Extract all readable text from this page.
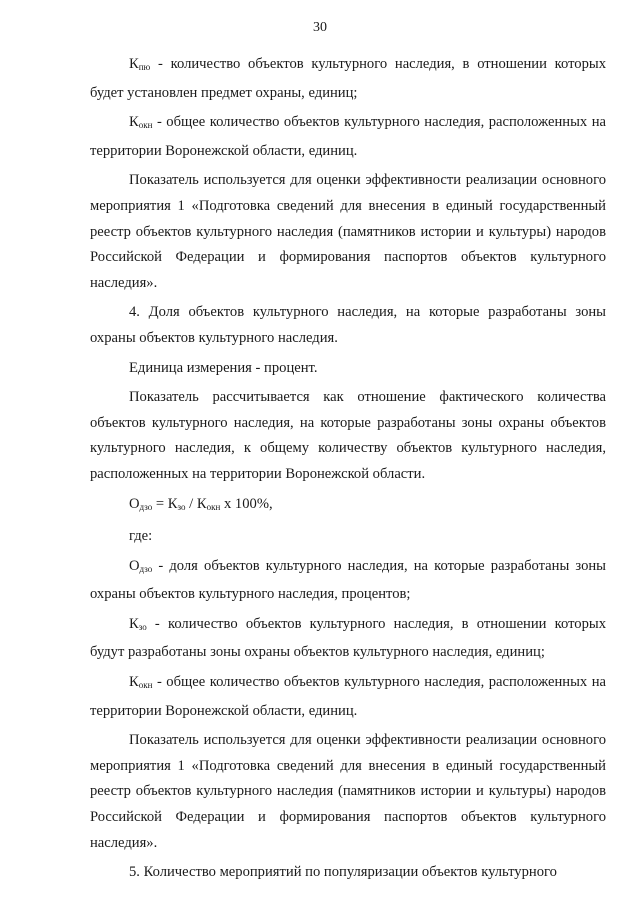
30

$К_{пю}$ - количество объектов культурного наследия, в отношении которых будет установлен предмет охраны, единиц;

$К_{окн}$ - общее количество объектов культурного наследия, расположенных на территории Воронежской области, единиц.

Показатель используется для оценки эффективности реализации основного мероприятия 1 «Подготовка сведений для внесения в единый государственный реестр объектов культурного наследия (памятников истории и культуры) народов Российской Федерации и формирования паспортов объектов культурного наследия».

4. Доля объектов культурного наследия, на которые разработаны зоны охраны объектов культурного наследия.

Единица измерения - процент.

Показатель рассчитывается как отношение фактического количества объектов культурного наследия, на которые разработаны зоны охраны объектов культурного наследия, к общему количеству объектов культурного наследия, расположенных на территории Воронежской области.

$О_{дзо} = К_{зо} / К_{окн}$ х 100%,

где:

$О_{дзо}$ - доля объектов культурного наследия, на которые разработаны зоны охраны объектов культурного наследия, процентов;

$К_{зо}$ - количество объектов культурного наследия, в отношении которых будут разработаны зоны охраны объектов культурного наследия, единиц;

$К_{окн}$ - общее количество объектов культурного наследия, расположенных на территории Воронежской области, единиц.

Показатель используется для оценки эффективности реализации основного мероприятия 1 «Подготовка сведений для внесения в единый государственный реестр объектов культурного наследия (памятников истории и культуры) народов Российской Федерации и формирования паспортов объектов культурного наследия».

5. Количество мероприятий по популяризации объектов культурного
